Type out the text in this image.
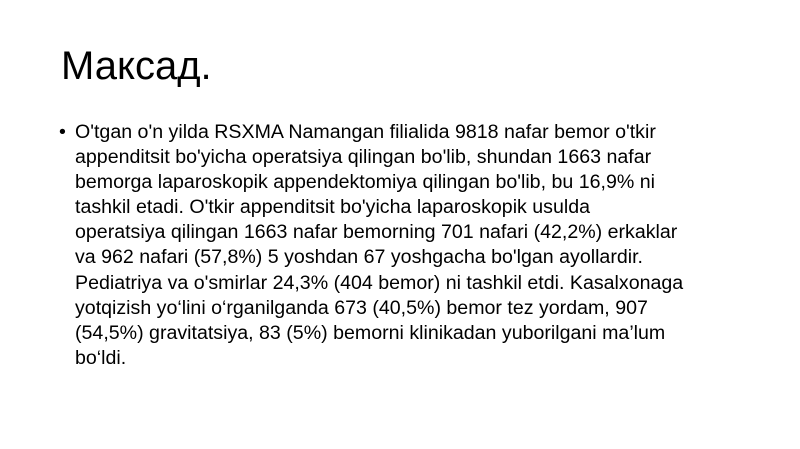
Максад.
• O'tgan o'n yilda RSXMA Namangan filialida 9818 nafar bemor o'tkir
appenditsit bo'yicha operatsiya qilingan bo'lib, shundan 1663 nafar
bemorga laparoskopik appendektomiya qilingan bo'lib, bu 16,9% ni
tashkil etadi. O'tkir appenditsit bo'yicha laparoskopik usulda
operatsiya qilingan 1663 nafar bemorning 701 nafari (42,2%) erkaklar
va 962 nafari (57,8%) 5 yoshdan 67 yoshgacha bo'lgan ayollardir.
Pediatriya va o'smirlar 24,3% (404 bemor) ni tashkil etdi. Kasalxonaga
yotqizish yo‘lini o‘rganilganda 673 (40,5%) bemor tez yordam, 907
(54,5%) gravitatsiya, 83 (5%) bemorni klinikadan yuborilgani ma’lum
bo‘ldi.
